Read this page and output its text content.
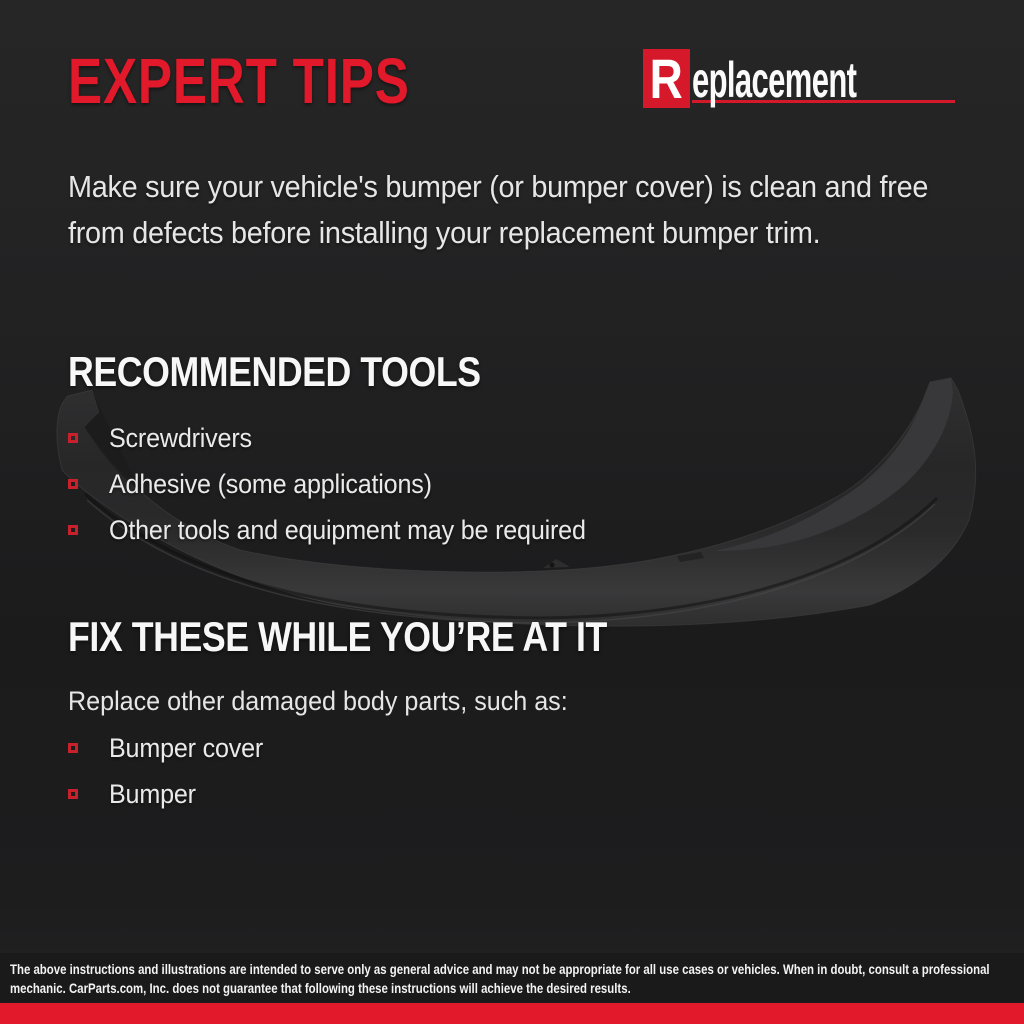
EXPERT TIPS	R eplacement

Make sure your vehicle's bumper (or bumper cover) is clean and free from defects before installing your replacement bumper trim.

RECOMMENDED TOOLS
Screwdrivers
Adhesive (some applications)
Other tools and equipment may be required
FIX THESE WHILE YOU’RE AT IT

Replace other damaged body parts, such as:

Bumper cover
Bumper

The above instructions and illustrations are intended to serve only as general advice and may not be appropriate for all use cases or vehicles. When in doubt, consult a professional mechanic. CarParts.com, Inc. does not guarantee that following these instructions will achieve the desired results.
